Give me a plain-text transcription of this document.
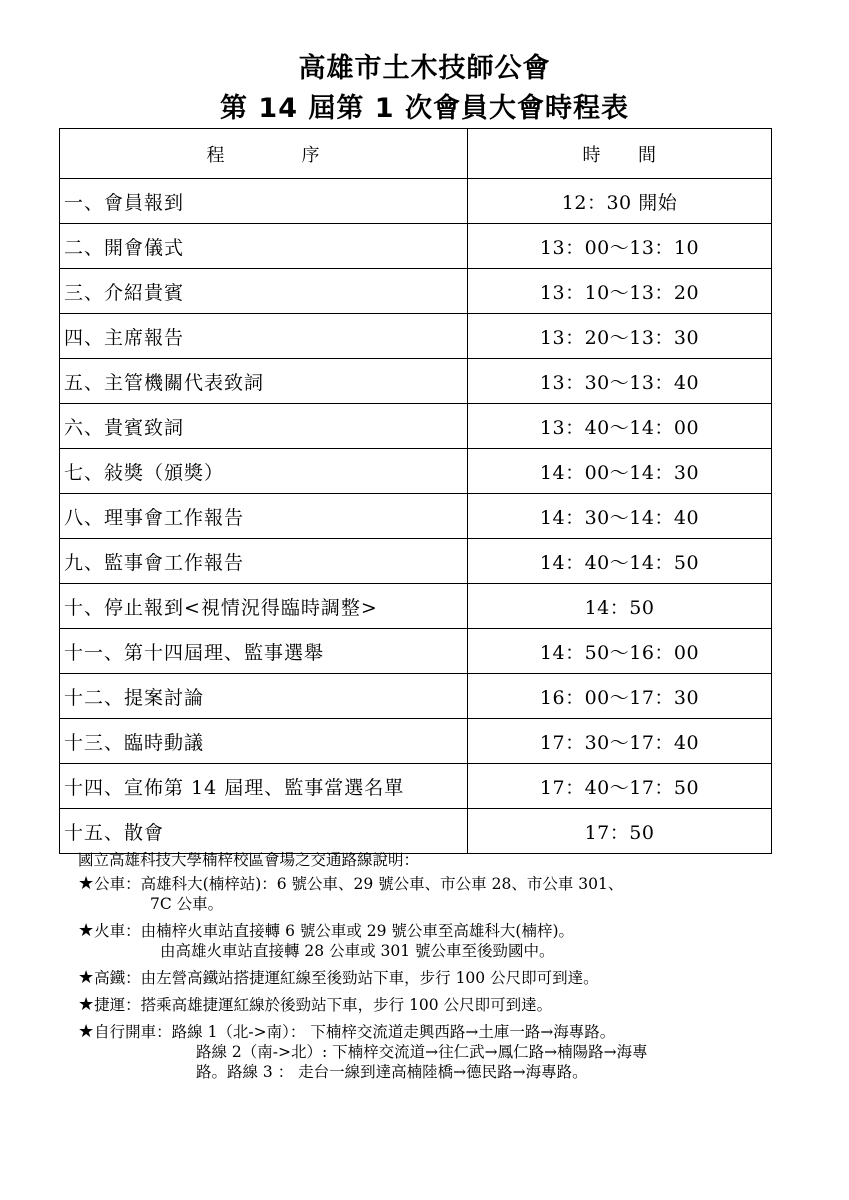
高雄市土木技師公會
第 14 屆第 1 次會員大會時程表
程　　　　序	時　　間
一、會員報到	12：30 開始
二、開會儀式	13：00～13：10
三、介紹貴賓	13：10～13：20
四、主席報告	13：20～13：30
五、主管機關代表致詞	13：30～13：40
六、貴賓致詞	13：40～14：00
七、敍獎（頒獎）	14：00～14：30
八、理事會工作報告	14：30～14：40
九、監事會工作報告	14：40～14：50
十、停止報到<視情況得臨時調整>	14：50
十一、第十四屆理、監事選舉	14：50～16：00
十二、提案討論	16：00～17：30
十三、臨時動議	17：30～17：40
十四、宣佈第 14 屆理、監事當選名單	17：40～17：50
十五、散會	17：50

國立高雄科技大學楠梓校區會場之交通路線說明：

★公車：高雄科大(楠梓站)：6 號公車、29 號公車、市公車 28、市公車 301、

7C 公車。

★火車：由楠梓火車站直接轉 6 號公車或 29 號公車至高雄科大(楠梓)。

由高雄火車站直接轉 28 公車或 301 號公車至後勁國中。

★高鐵：由左營高鐵站搭捷運紅線至後勁站下車，步行 100 公尺即可到達。

★捷運：搭乘高雄捷運紅線於後勁站下車，步行 100 公尺即可到達。

★自行開車：路線 1（北->南）： 下楠梓交流道走興西路→土庫一路→海專路。

路線 2（南->北）: 下楠梓交流道→往仁武→鳳仁路→楠陽路→海專

路。路線 3 ： 走台一線到達高楠陸橋→德民路→海專路。
